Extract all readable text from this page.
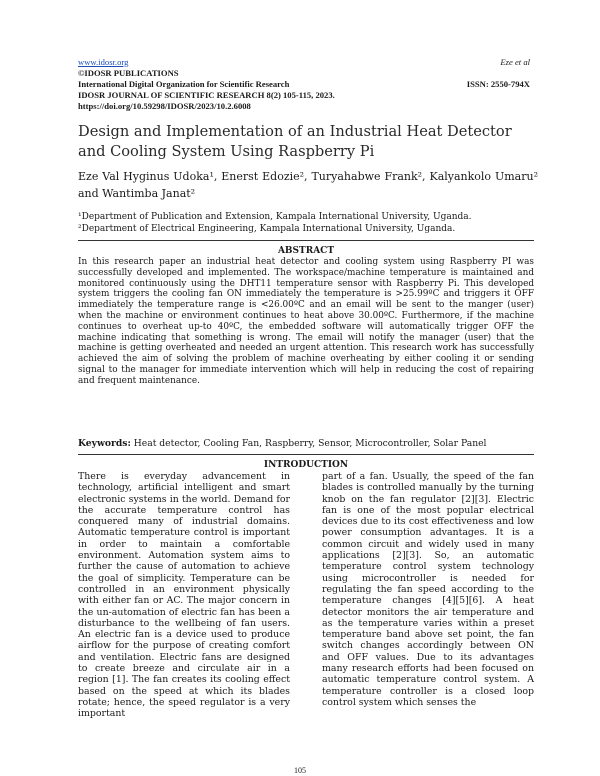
www.idosr.org	Eze et al
©IDOSR PUBLICATIONS
International Digital Organization for Scientific Research	ISSN: 2550-794X
IDOSR JOURNAL OF SCIENTIFIC RESEARCH 8(2) 105-115, 2023.
https://doi.org/10.59298/IDOSR/2023/10.2.6008
Design and Implementation of an Industrial Heat Detector and Cooling System Using Raspberry Pi
Eze Val Hyginus Udoka¹, Enerst Edozie², Turyahabwe Frank², Kalyankolo Umaru² and Wantimba Janat²
¹Department of Publication and Extension, Kampala International University, Uganda.
²Department of Electrical Engineering, Kampala International University, Uganda.
ABSTRACT

In this research paper an industrial heat detector and cooling system using Raspberry PI was successfully developed and implemented. The workspace/machine temperature is maintained and monitored continuously using the DHT11 temperature sensor with Raspberry Pi. This developed system triggers the cooling fan ON immediately the temperature is >25.99ºC and triggers it OFF immediately the temperature range is <26.00ºC and an email will be sent to the manger (user) when the machine or environment continues to heat above 30.00ºC. Furthermore, if the machine continues to overheat up-to 40ºC, the embedded software will automatically trigger OFF the machine indicating that something is wrong. The email will notify the manager (user) that the machine is getting overheated and needed an urgent attention. This research work has successfully achieved the aim of solving the problem of machine overheating by either cooling it or sending signal to the manager for immediate intervention which will help in reducing the cost of repairing and frequent maintenance.

Keywords: Heat detector, Cooling Fan, Raspberry, Sensor, Microcontroller, Solar Panel
INTRODUCTION

There is everyday advancement in technology, artificial intelligent and smart electronic systems in the world. Demand for the accurate temperature control has conquered many of industrial domains. Automatic temperature control is important in order to maintain a comfortable environment. Automation system aims to further the cause of automation to achieve the goal of simplicity. Temperature can be controlled in an environment physically with either fan or AC. The major concern in the un-automation of electric fan has been a disturbance to the wellbeing of fan users. An electric fan is a device used to produce airflow for the purpose of creating comfort and ventilation. Electric fans are designed to create breeze and circulate air in a region [1]. The fan creates its cooling effect based on the speed at which its blades rotate; hence, the speed regulator is a very important

part of a fan. Usually, the speed of the fan blades is controlled manually by the turning knob on the fan regulator [2][3]. Electric fan is one of the most popular electrical devices due to its cost effectiveness and low power consumption advantages. It is a common circuit and widely used in many applications [2][3]. So, an automatic temperature control system technology using microcontroller is needed for regulating the fan speed according to the temperature changes [4][5][6]. A heat detector monitors the air temperature and as the temperature varies within a preset temperature band above set point, the fan switch changes accordingly between ON and OFF values. Due to its advantages many research efforts had been focused on automatic temperature control system. A temperature controller is a closed loop control system which senses the

105
